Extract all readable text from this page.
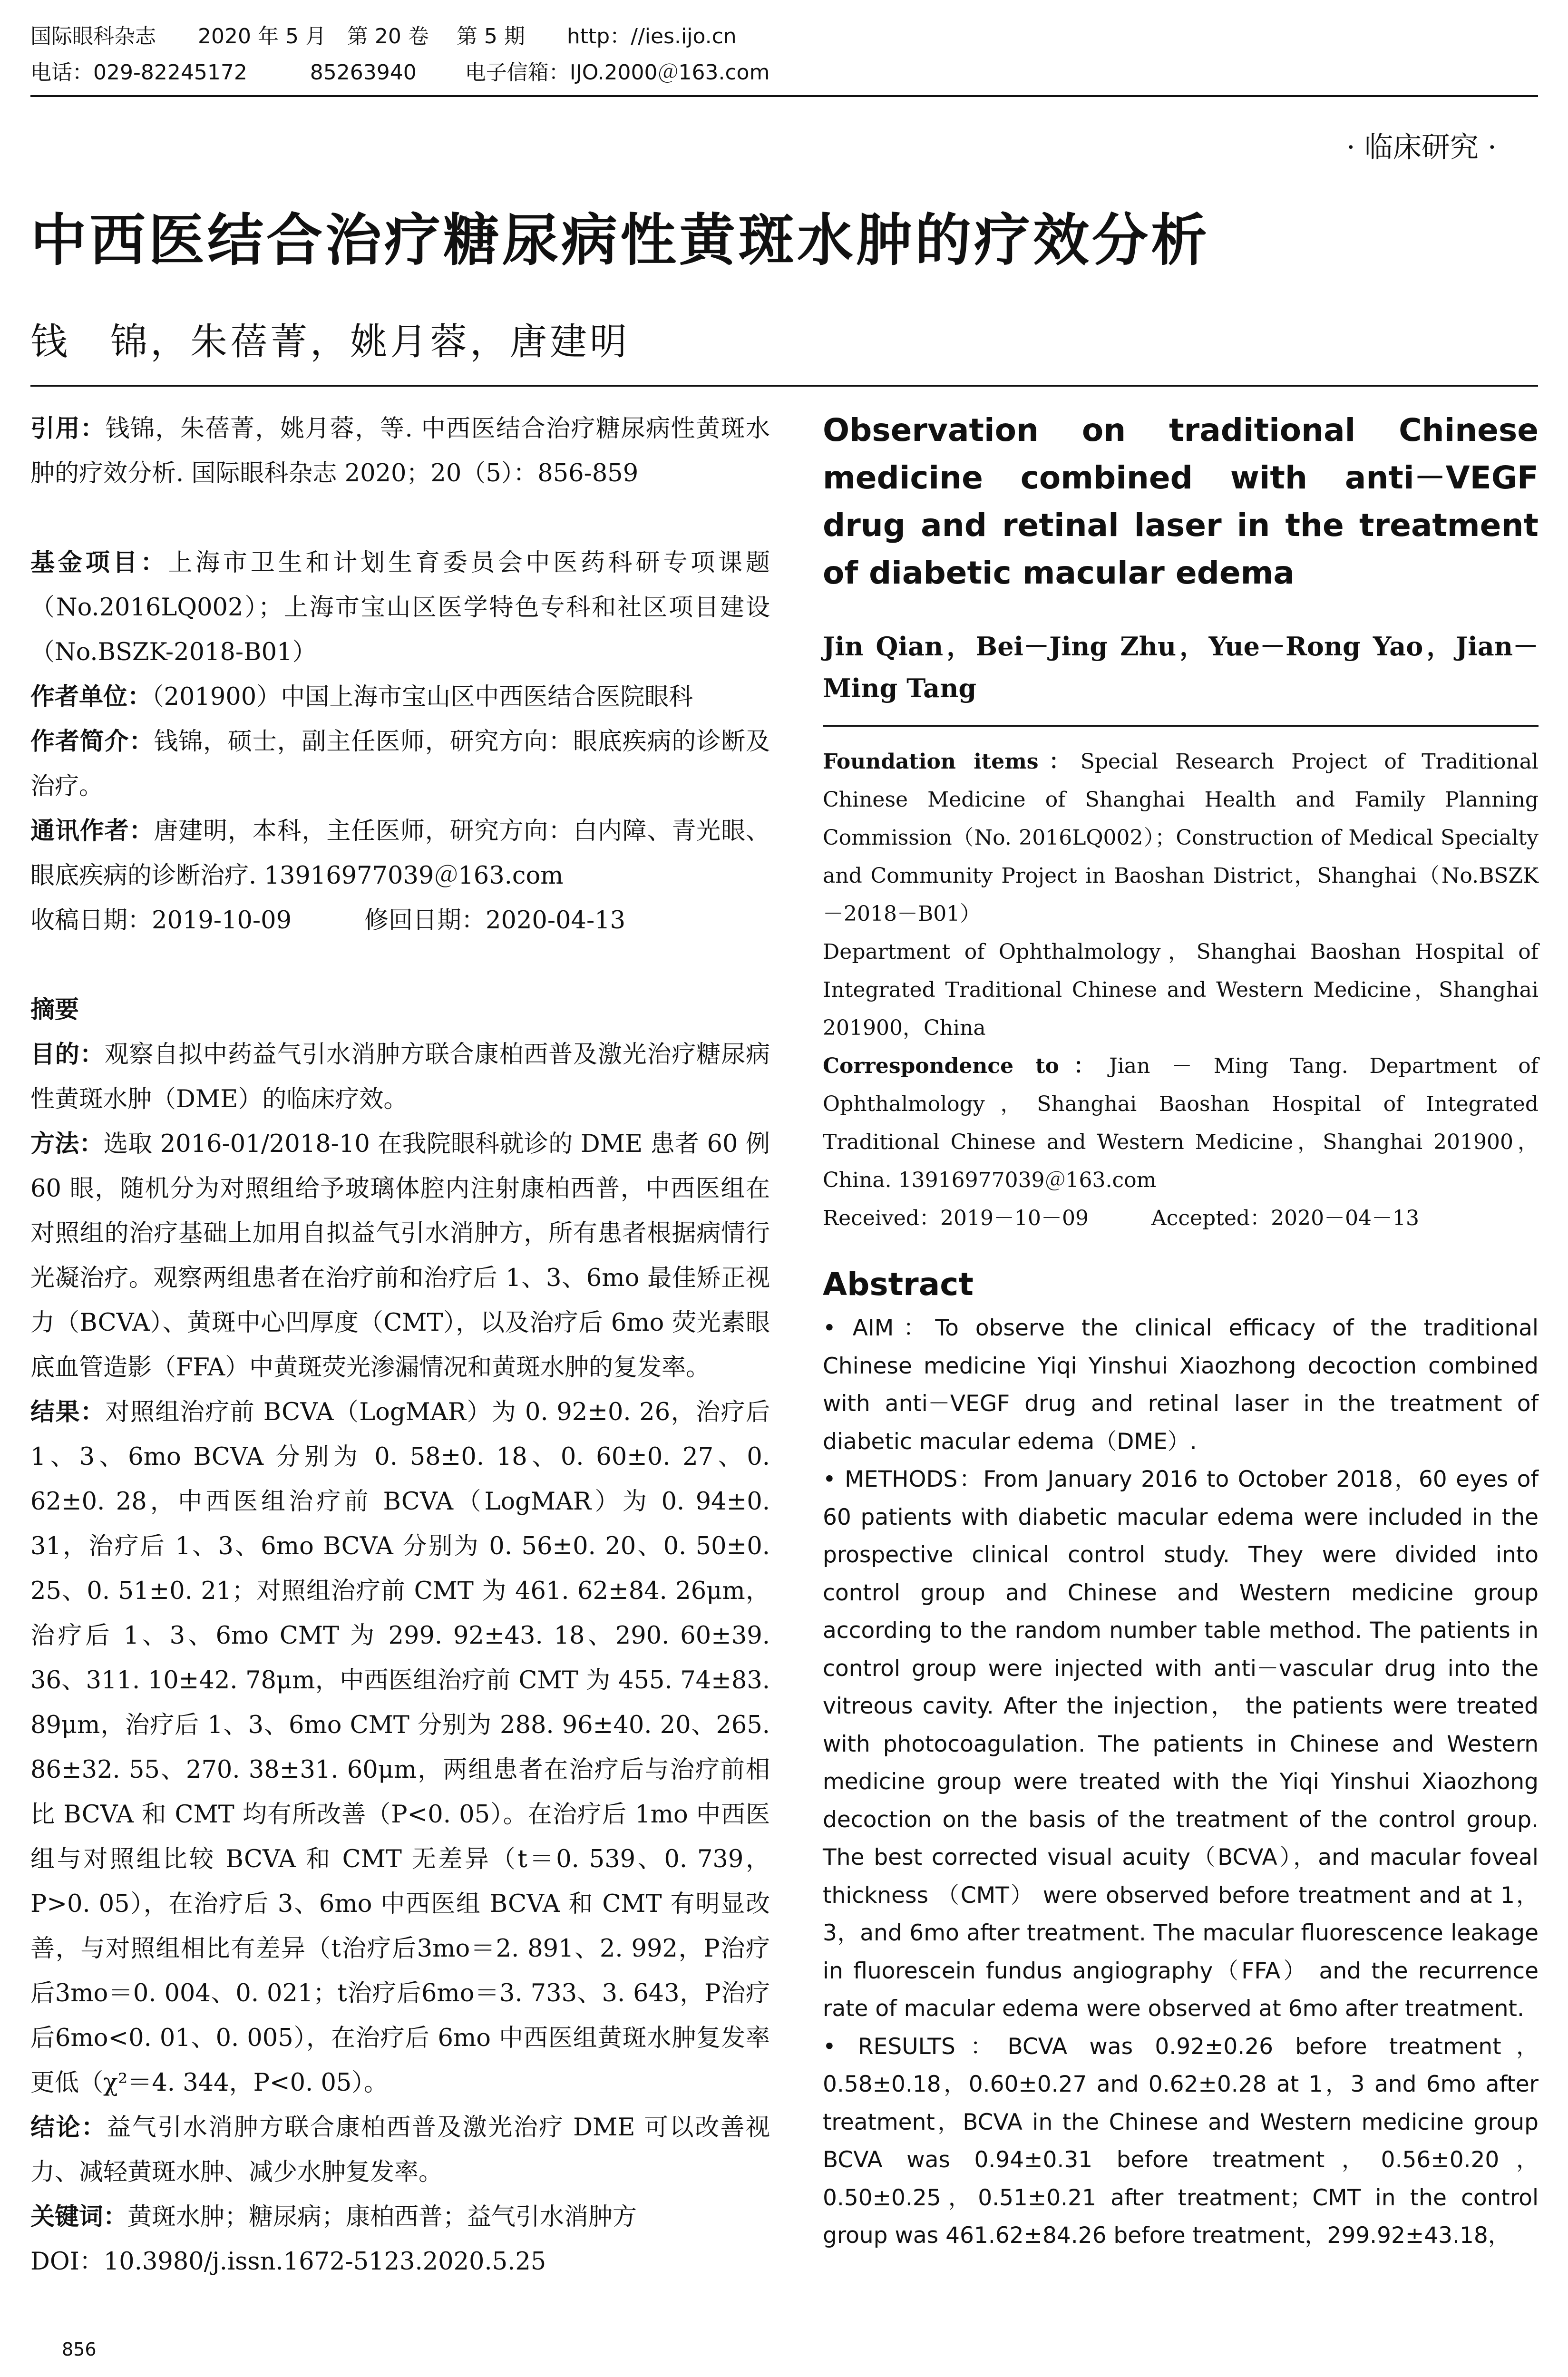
国际眼科杂志　　2020 年 5 月　第 20 卷　 第 5 期　　http：//ies.ijo.cn
电话：029-82245172　　　85263940　　 电子信箱：IJO.2000＠163.com
· 临床研究 ·
中西医结合治疗糖尿病性黄斑水肿的疗效分析
钱　锦，朱蓓菁，姚月蓉，唐建明

引用：钱锦，朱蓓菁，姚月蓉，等. 中西医结合治疗糖尿病性黄斑水肿的疗效分析. 国际眼科杂志 2020；20（5）：856-859

基金项目：上海市卫生和计划生育委员会中医药科研专项课题（No.2016LQ002）；上海市宝山区医学特色专科和社区项目建设（No.BSZK-2018-B01）

作者单位：（201900）中国上海市宝山区中西医结合医院眼科

作者简介：钱锦，硕士，副主任医师，研究方向：眼底疾病的诊断及治疗。

通讯作者：唐建明，本科，主任医师，研究方向：白内障、青光眼、眼底疾病的诊断治疗. 13916977039＠163.com

收稿日期：2019-10-09　　　修回日期：2020-04-13

摘要

目的：观察自拟中药益气引水消肿方联合康柏西普及激光治疗糖尿病性黄斑水肿（DME）的临床疗效。

方法：选取 2016-01/2018-10 在我院眼科就诊的 DME 患者 60 例 60 眼，随机分为对照组给予玻璃体腔内注射康柏西普，中西医组在对照组的治疗基础上加用自拟益气引水消肿方，所有患者根据病情行光凝治疗。观察两组患者在治疗前和治疗后 1、3、6mo 最佳矫正视力（BCVA）、黄斑中心凹厚度（CMT），以及治疗后 6mo 荧光素眼底血管造影（FFA）中黄斑荧光渗漏情况和黄斑水肿的复发率。

结果：对照组治疗前 BCVA（LogMAR）为 0. 92±0. 26，治疗后 1、3、6mo BCVA 分别为 0. 58±0. 18、0. 60±0. 27、0. 62±0. 28，中西医组治疗前 BCVA（LogMAR）为 0. 94±0. 31，治疗后 1、3、6mo BCVA 分别为 0. 56±0. 20、0. 50±0. 25、0. 51±0. 21；对照组治疗前 CMT 为 461. 62±84. 26μm，治疗后 1、3、6mo CMT 为 299. 92±43. 18、290. 60±39. 36、311. 10±42. 78μm，中西医组治疗前 CMT 为 455. 74±83. 89μm，治疗后 1、3、6mo CMT 分别为 288. 96±40. 20、265. 86±32. 55、270. 38±31. 60μm，两组患者在治疗后与治疗前相比 BCVA 和 CMT 均有所改善（P<0. 05）。在治疗后 1mo 中西医组与对照组比较 BCVA 和 CMT 无差异（t＝0. 539、0. 739，P>0. 05），在治疗后 3、6mo 中西医组 BCVA 和 CMT 有明显改善，与对照组相比有差异（t治疗后3mo＝2. 891、2. 992，P治疗后3mo＝0. 004、0. 021；t治疗后6mo＝3. 733、3. 643，P治疗后6mo<0. 01、0. 005），在治疗后 6mo 中西医组黄斑水肿复发率更低（χ²＝4. 344，P<0. 05）。

结论：益气引水消肿方联合康柏西普及激光治疗 DME 可以改善视力、减轻黄斑水肿、减少水肿复发率。

关键词：黄斑水肿；糖尿病；康柏西普；益气引水消肿方

DOI：10.3980/j.issn.1672-5123.2020.5.25

Observation on traditional Chinese medicine combined with anti－VEGF drug and retinal laser in the treatment of diabetic macular edema

Jin Qian，Bei－Jing Zhu，Yue－Rong Yao，Jian－Ming Tang

Foundation items：Special Research Project of Traditional Chinese Medicine of Shanghai Health and Family Planning Commission（No. 2016LQ002）；Construction of Medical Specialty and Community Project in Baoshan District，Shanghai（No.BSZK－2018－B01）

Department of Ophthalmology，Shanghai Baoshan Hospital of Integrated Traditional Chinese and Western Medicine，Shanghai 201900，China

Correspondence to：Jian － Ming Tang. Department of Ophthalmology，Shanghai Baoshan Hospital of Integrated Traditional Chinese and Western Medicine，Shanghai 201900，China. 13916977039＠163.com

Received：2019－10－09　　　Accepted：2020－04－13

Abstract

• AIM：To observe the clinical efficacy of the traditional Chinese medicine Yiqi Yinshui Xiaozhong decoction combined with anti－VEGF drug and retinal laser in the treatment of diabetic macular edema（DME）.

• METHODS：From January 2016 to October 2018，60 eyes of 60 patients with diabetic macular edema were included in the prospective clinical control study. They were divided into control group and Chinese and Western medicine group according to the random number table method. The patients in control group were injected with anti－vascular drug into the vitreous cavity. After the injection， the patients were treated with photocoagulation. The patients in Chinese and Western medicine group were treated with the Yiqi Yinshui Xiaozhong decoction on the basis of the treatment of the control group. The best corrected visual acuity（BCVA），and macular foveal thickness （CMT） were observed before treatment and at 1，3，and 6mo after treatment. The macular fluorescence leakage in fluorescein fundus angiography（FFA） and the recurrence rate of macular edema were observed at 6mo after treatment.

• RESULTS：BCVA was 0.92±0.26 before treatment，0.58±0.18，0.60±0.27 and 0.62±0.28 at 1，3 and 6mo after treatment，BCVA in the Chinese and Western medicine group BCVA was 0.94±0.31 before treatment，0.56±0.20，0.50±0.25，0.51±0.21 after treatment；CMT in the control group was 461.62±84.26 before treatment，299.92±43.18，

856
